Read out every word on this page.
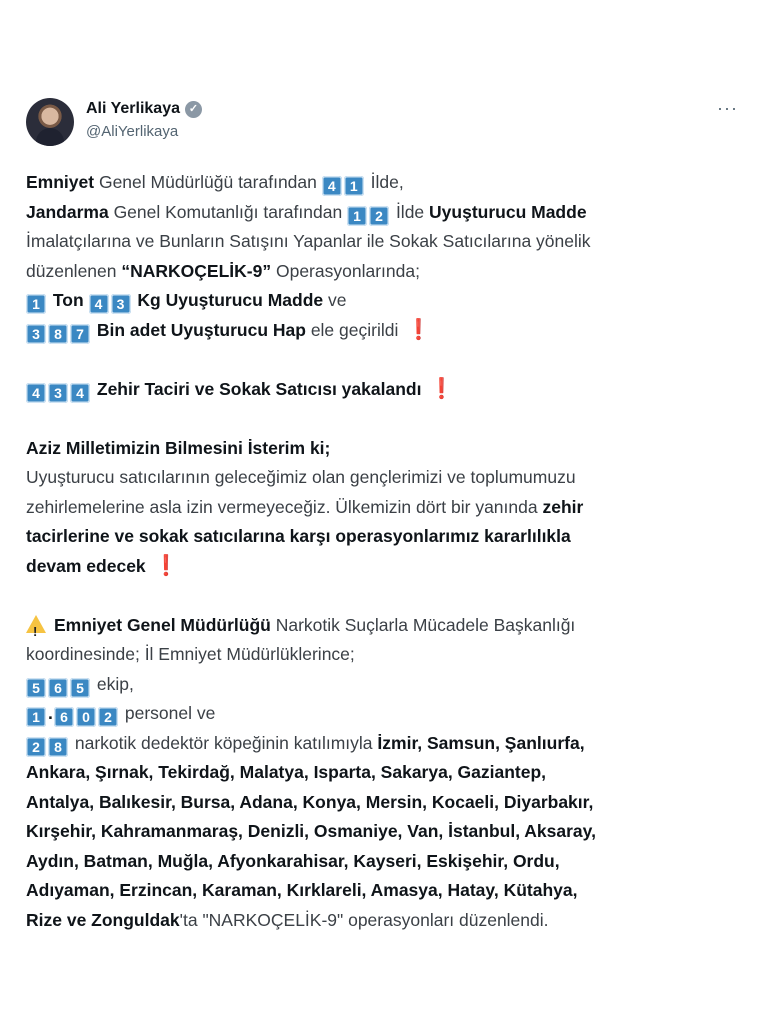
Ali Yerlikaya ✓
@AliYerlikaya
···
Emniyet Genel Müdürlüğü tarafından 4 1 İlde,
Jandarma Genel Komutanlığı tarafından 1 2 İlde Uyuşturucu Madde
İmalatçılarına ve Bunların Satışını Yapanlar ile Sokak Satıcılarına yönelik
düzenlenen “NARKOÇELİK-9” Operasyonlarında;
1 Ton 4 3 Kg Uyuşturucu Madde ve
3 8 7 Bin adet Uyuşturucu Hap ele geçirildi ❗
4 3 4 Zehir Taciri ve Sokak Satıcısı yakalandı ❗
Aziz Milletimizin Bilmesini İsterim ki;
Uyuşturucu satıcılarının geleceğimiz olan gençlerimizi ve toplumumuzu
zehirlemelerine asla izin vermeyeceğiz. Ülkemizin dört bir yanında zehir
tacirlerine ve sokak satıcılarına karşı operasyonlarımız kararlılıkla
devam edecek ❗
!Emniyet Genel Müdürlüğü Narkotik Suçlarla Mücadele Başkanlığı
koordinesinde; İl Emniyet Müdürlüklerince;
5 6 5 ekip,
1 . 6 0 2 personel ve
2 8 narkotik dedektör köpeğinin katılımıyla İzmir, Samsun, Şanlıurfa,
Ankara, Şırnak, Tekirdağ, Malatya, Isparta, Sakarya, Gaziantep,
Antalya, Balıkesir, Bursa, Adana, Konya, Mersin, Kocaeli, Diyarbakır,
Kırşehir, Kahramanmaraş, Denizli, Osmaniye, Van, İstanbul, Aksaray,
Aydın, Batman, Muğla, Afyonkarahisar, Kayseri, Eskişehir, Ordu,
Adıyaman, Erzincan, Karaman, Kırklareli, Amasya, Hatay, Kütahya,
Rize ve Zonguldak'ta "NARKOÇELİK-9" operasyonları düzenlendi.
